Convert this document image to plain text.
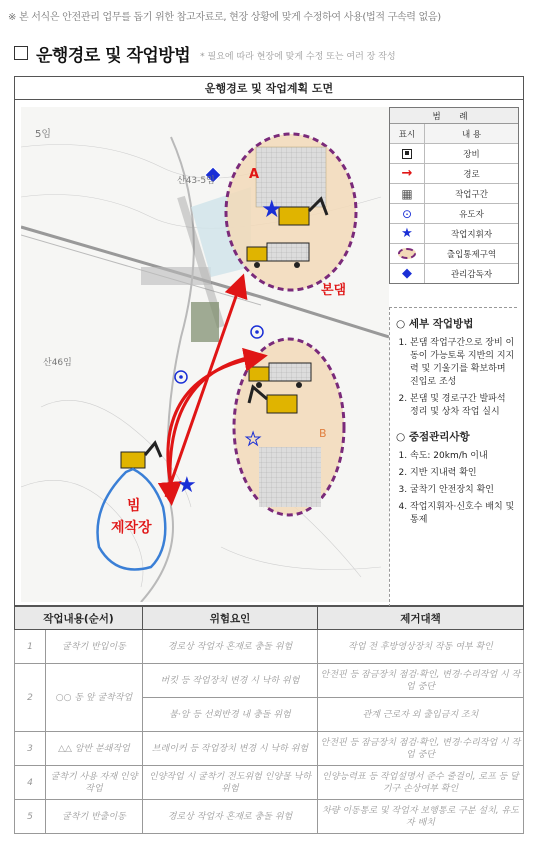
※ 본 서식은 안전관리 업무를 돕기 위한 참고자료로, 현장 상황에 맞게 수정하여 사용(법적 구속력 없음)
운행경로 및 작업방법 * 필요에 따라 현장에 맞게 수정 또는 여러 장 작성
운행경로 및 작업계획 도면
★
★
★
5임
산43-5임
산46임
A
B
본댐
빔
제작장
범 례
표시	내 용
장비
→	경로
▦	작업구간
⊙	유도자
★	작업지휘자
출입통제구역
◆	관리감독자
○ 세부 작업방법
1. 본댐 작업구간으로 장비 이동이 가능토록 지반의 지지력 및 기울기를 확보하며 진입로 조성
2. 본댐 및 경로구간 발파석 정리 및 상차 작업 실시
○ 중점관리사항
1. 속도: 20km/h 이내
2. 지반 지내력 확인
3. 굴착기 안전장치 확인
4. 작업지휘자·신호수 배치 및 통제
작업내용(순서)		위험요인	제거대책
1	굴착기 반입이동	경로상 작업자 혼재로 충돌 위험	작업 전 후방영상장치 작동 여부 확인
2	○○ 동 앞 굴착작업	버킷 등 작업장치 변경 시 낙하 위험	안전핀 등 잠금장치 점검·확인, 변경·수리작업 시 작업 중단
		붐·암 등 선회반경 내 충돌 위험	관계 근로자 외 출입금지 조치
3	△△ 암반 분쇄작업	브레이커 등 작업장치 변경 시 낙하 위험	안전핀 등 잠금장치 점검·확인, 변경·수리작업 시 작업 중단
4	굴착기 사용 자재 인양작업	인양작업 시 굴착기 전도위험 인양물 낙하위험	인양능력표 등 작업설명서 준수 줄걸이, 로프 등 달기구 손상여부 확인
5	굴착기 반출이동	경로상 작업자 혼재로 충돌 위험	차량 이동통로 및 작업자 보행통로 구분 설치, 유도자 배치
